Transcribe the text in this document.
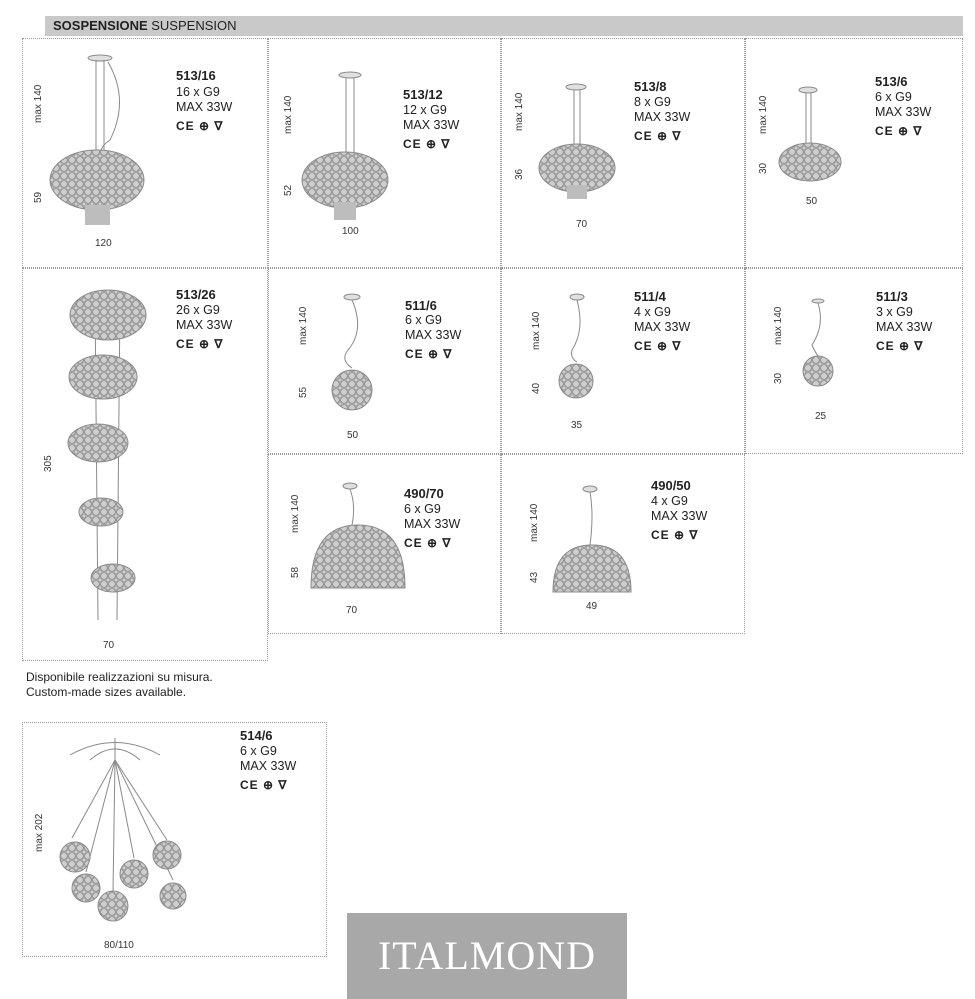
SOSPENSIONE SUSPENSION
513/16
16 x G9
MAX 33W
CE ⊕ ∇
120
max 140
59
513/12
12 x G9
MAX 33W
CE ⊕ ∇
100
max 140
52
513/8
8 x G9
MAX 33W
CE ⊕ ∇
70
max 140
36
513/6
6 x G9
MAX 33W
CE ⊕ ∇
50
max 140
30
513/26
26 x G9
MAX 33W
CE ⊕ ∇
70
305
511/6
6 x G9
MAX 33W
CE ⊕ ∇
50
max 140
55
511/4
4 x G9
MAX 33W
CE ⊕ ∇
35
max 140
40
511/3
3 x G9
MAX 33W
CE ⊕ ∇
25
max 140
30
490/70
6 x G9
MAX 33W
CE ⊕ ∇
70
max 140
58
490/50
4 x G9
MAX 33W
CE ⊕ ∇
49
max 140
43
514/6
6 x G9
MAX 33W
CE ⊕ ∇
80/110
max 202
Disponibile realizzazioni su misura.
Custom-made sizes available.
ITALMOND
